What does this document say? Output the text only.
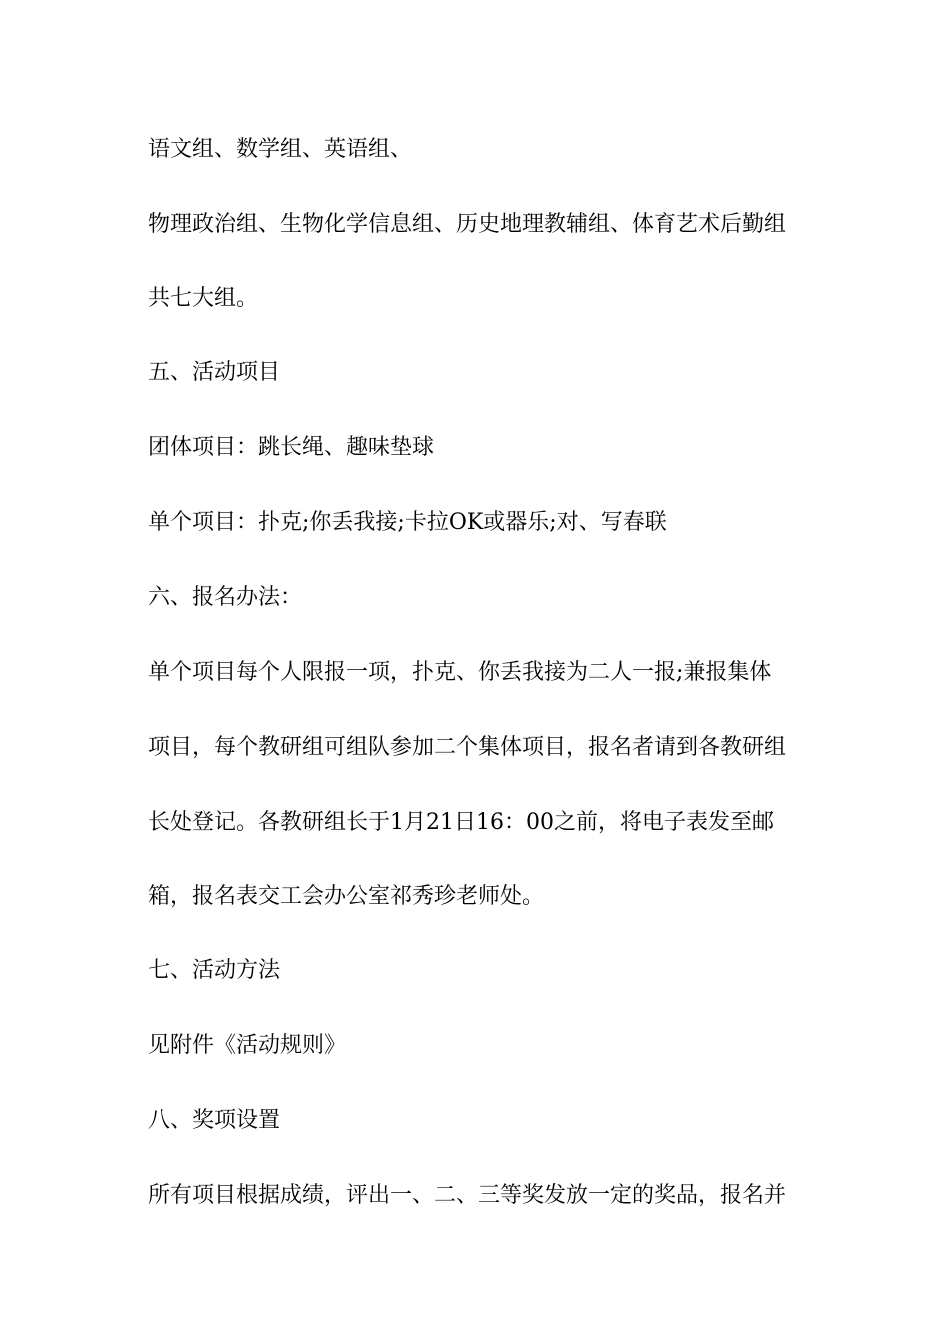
语文组、数学组、英语组、
物理政治组、生物化学信息组、历史地理教辅组、体育艺术后勤组
共七大组。
五、活动项目
团体项目：跳长绳、趣味垫球
单个项目：扑克;你丢我接;卡拉OK或器乐;对、写春联
六、报名办法：
单个项目每个人限报一项，扑克、你丢我接为二人一报;兼报集体
项目，每个教研组可组队参加二个集体项目，报名者请到各教研组
长处登记。各教研组长于1月21日16：00之前，将电子表发至邮
箱，报名表交工会办公室祁秀珍老师处。
七、活动方法
见附件《活动规则》
八、奖项设置
所有项目根据成绩，评出一、二、三等奖发放一定的奖品，报名并
